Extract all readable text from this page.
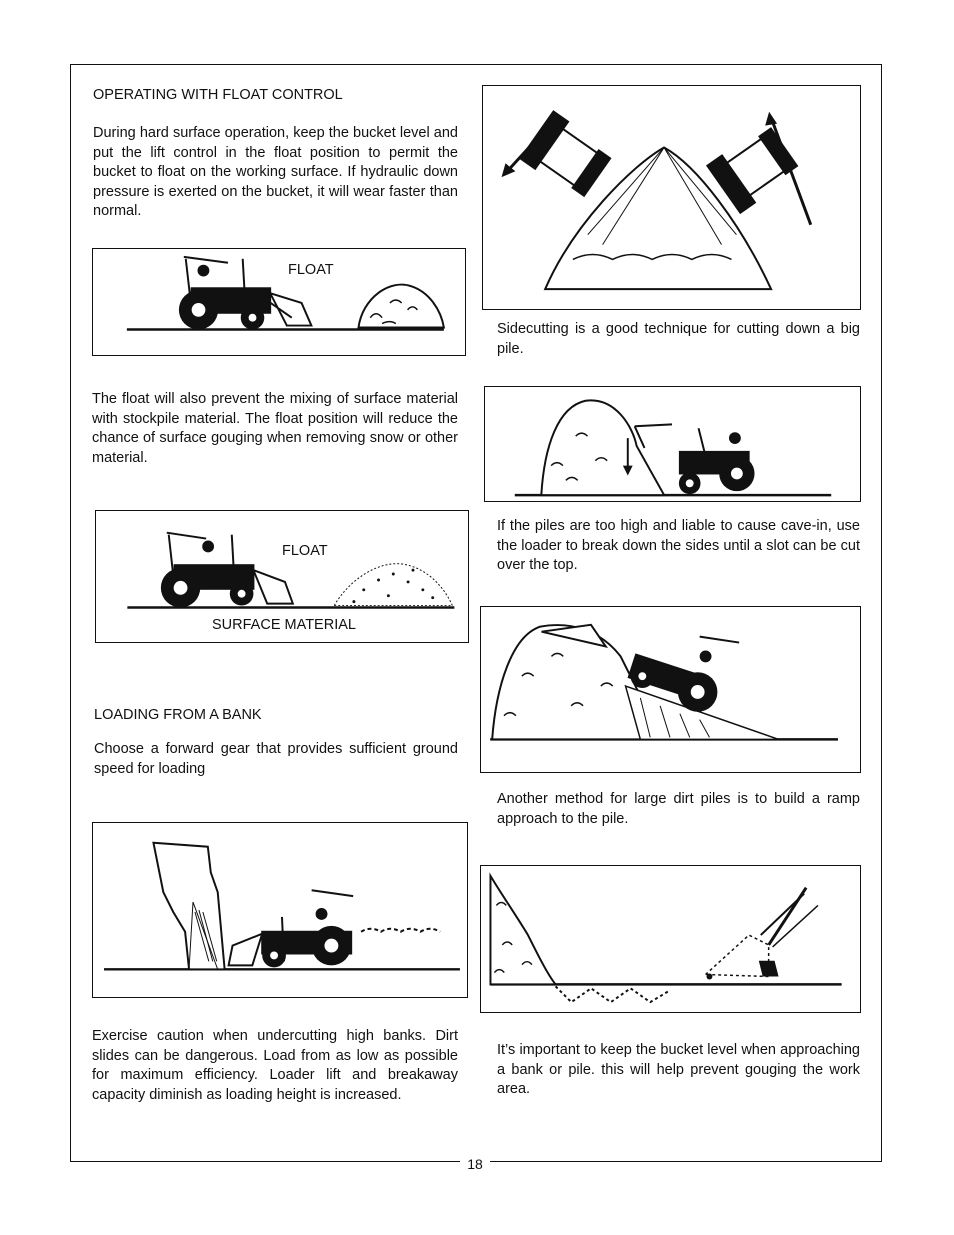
OPERATING WITH FLOAT CONTROL
During hard surface operation, keep the bucket level and put the lift control in the float position to permit the bucket to float on the working surface. If hydraulic down pressure is exerted on the bucket, it will wear faster than normal.
FLOAT
The float will also prevent the mixing of surface material with stockpile material. The float position will reduce the chance of surface gouging when removing snow or other material.
FLOAT
SURFACE MATERIAL
LOADING FROM A BANK
Choose a forward gear that provides sufficient ground speed for loading
Exercise caution when undercutting high banks. Dirt slides can be dangerous. Load from as low as possible for maximum efficiency. Loader lift and breakaway capacity diminish as loading height is increased.
Sidecutting is a good technique for cutting down a big pile.
If the piles are too high and liable to cause cave-in, use the loader to break down the sides until a slot can be cut over the top.
Another method for large dirt piles is to build a ramp approach to the pile.
It’s important to keep the bucket level when approaching a bank or pile. this will help prevent gouging the work area.
18
